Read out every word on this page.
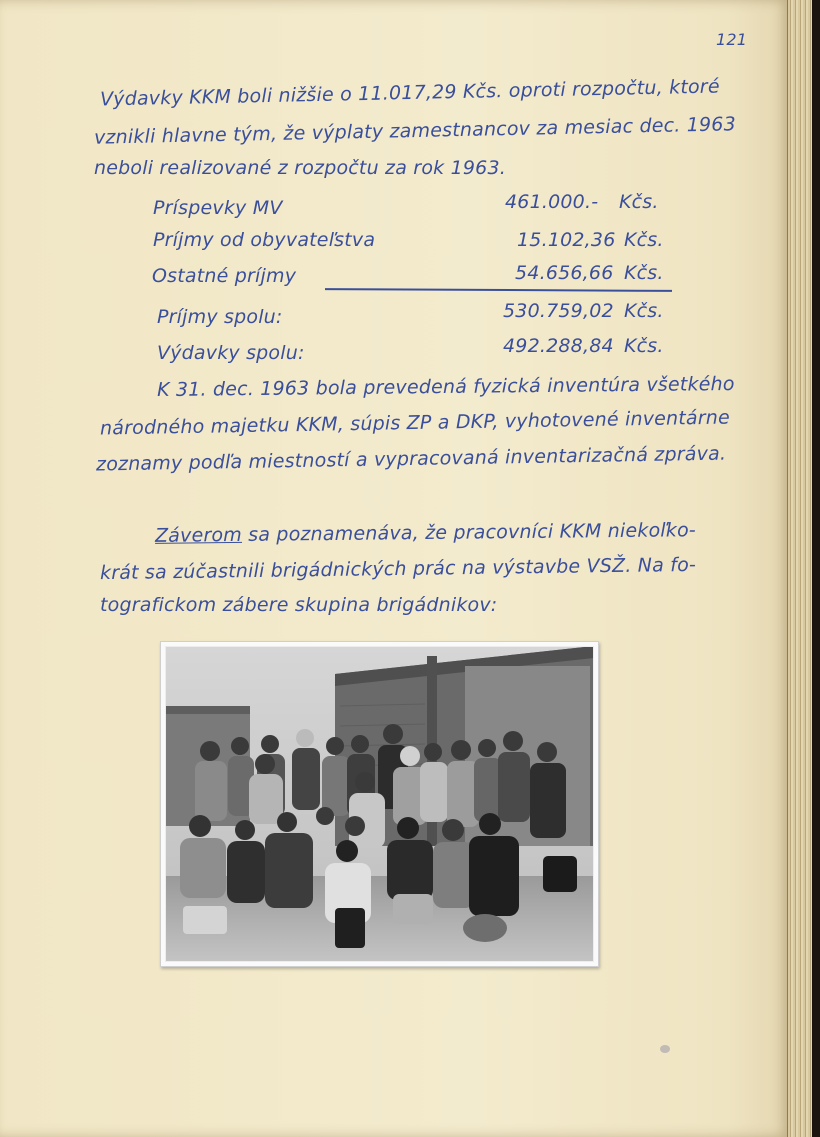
121
Výdavky KKM boli nižšie o 11.017,29 Kčs. oproti rozpočtu, ktoré
vznikli hlavne tým, že výplaty zamestnancov za mesiac dec. 1963
neboli realizované z rozpočtu za rok 1963.
Príspevky MV	461.000.- Kčs.
Príjmy od obyvateľstva	15.102,36 Kčs.
Ostatné príjmy	54.656,66 Kčs.
Príjmy spolu:	530.759,02 Kčs.
Výdavky spolu:	492.288,84 Kčs.
K 31. dec. 1963 bola prevedená fyzická inventúra všetkého
národného majetku KKM, súpis ZP a DKP, vyhotovené inventárne
zoznamy podľa miestností a vypracovaná inventarizačná zpráva.
Záverom sa poznamenáva, že pracovníci KKM niekoľko-
krát sa zúčastnili brigádnických prác na výstavbe VSŽ. Na fo-
tografickom zábere skupina brigádnikov:
